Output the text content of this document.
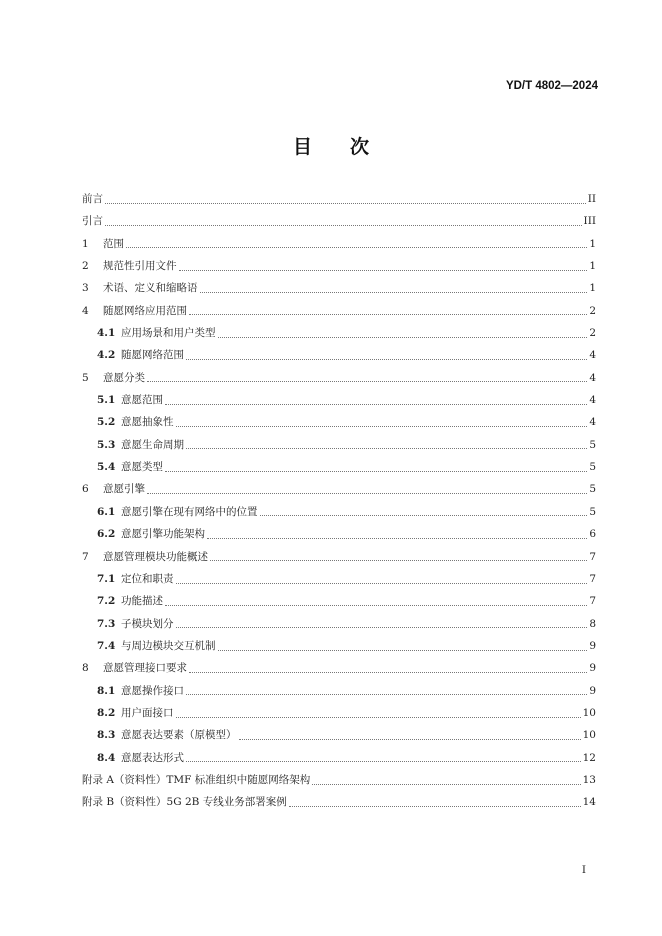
YD/T 4802—2024
目次
前言	II
引言	III
1	范围	1
2	规范性引用文件	1
3	术语、定义和缩略语	1
4	随愿网络应用范围	2
4.1 应用场景和用户类型	2
4.2 随愿网络范围	4
5	意愿分类	4
5.1 意愿范围	4
5.2 意愿抽象性	4
5.3 意愿生命周期	5
5.4 意愿类型	5
6	意愿引擎	5
6.1 意愿引擎在现有网络中的位置	5
6.2 意愿引擎功能架构	6
7	意愿管理模块功能概述	7
7.1 定位和职责	7
7.2 功能描述	7
7.3 子模块划分	8
7.4 与周边模块交互机制	9
8	意愿管理接口要求	9
8.1 意愿操作接口	9
8.2 用户面接口	10
8.3 意愿表达要素（原模型）	10
8.4 意愿表达形式	12
附录 A（资料性）TMF 标准组织中随愿网络架构	13
附录 B（资料性）5G 2B 专线业务部署案例	14
I
